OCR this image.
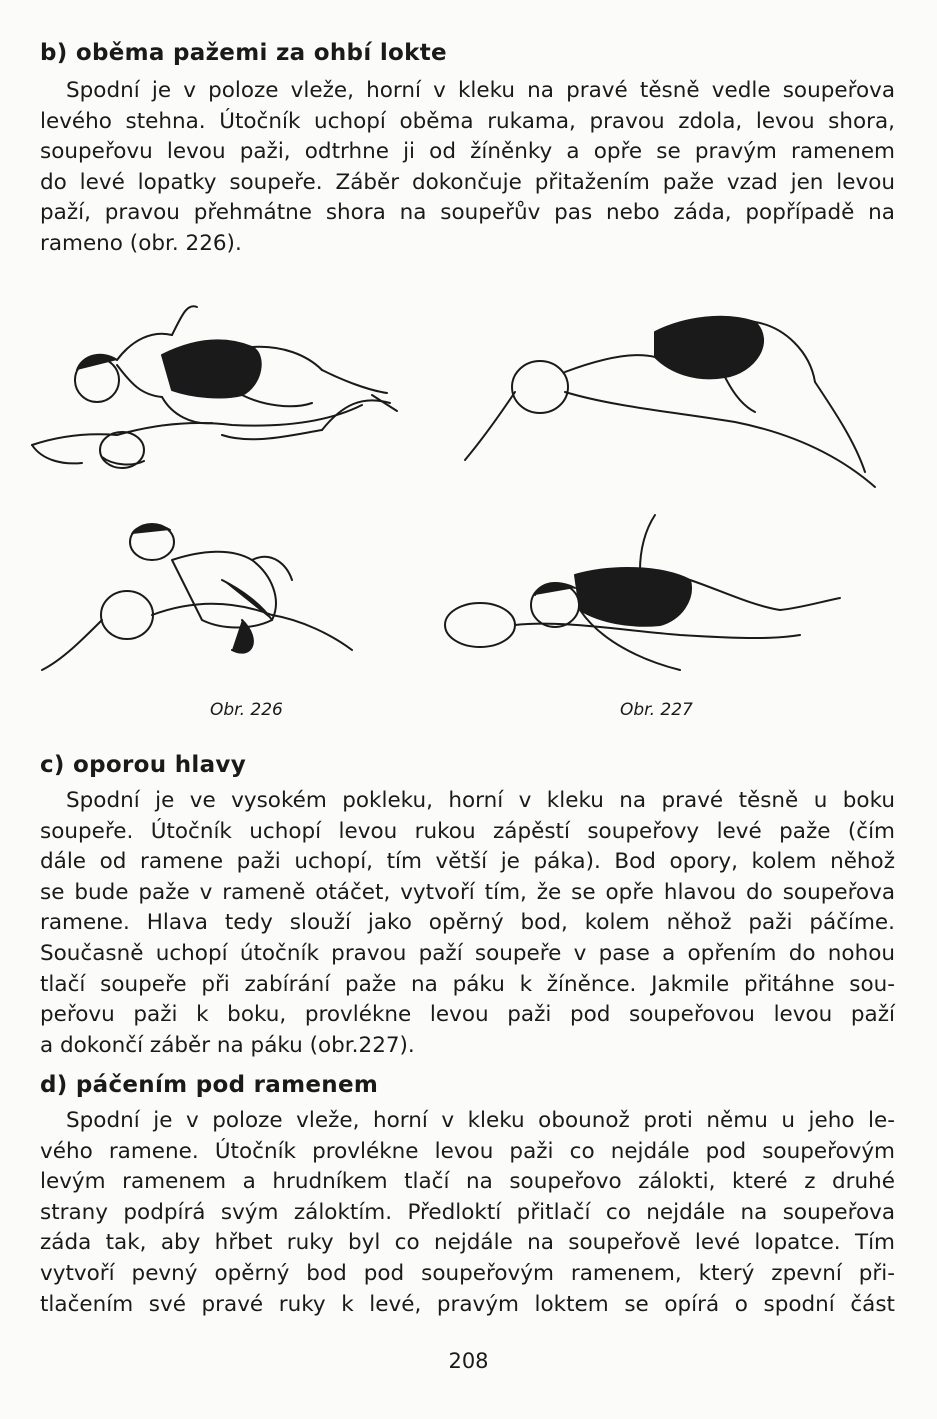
b) oběma pažemi za ohbí lokte
Spodní je v poloze vleže, horní v kleku na pravé těsně vedle soupeřova
levého stehna. Útočník uchopí oběma rukama, pravou zdola, levou shora,
soupeřovu levou paži, odtrhne ji od žíněnky a opře se pravým ramenem
do levé lopatky soupeře. Záběr dokončuje přitažením paže vzad jen levou
paží, pravou přehmátne shora na soupeřův pas nebo záda, popřípadě na
rameno (obr. 226).
Obr. 226	Obr. 227
c) oporou hlavy
Spodní je ve vysokém poklеku, horní v kleku na pravé těsně u boku
soupeře. Útočník uchopí levou rukou zápěstí soupeřovy levé paže (čím
dále od ramene paži uchopí, tím větší je páka). Bod opory, kolem něhož
se bude paže v rameně otáčet, vytvoří tím, že se opře hlavou do soupeřova
ramene. Hlava tedy slouží jako opěrný bod, kolem něhož paži páčíme.
Současně uchopí útočník pravou paží soupeře v pase a opřením do nohou
tlačí soupeře při zabírání paže na páku k žíněnce. Jakmile přitáhne sou-
peřovu paži k boku, provlékne levou paži pod soupeřovou levou paží
a dokončí záběr na páku (obr.227).
d) páčením pod ramenem
Spodní je v poloze vleže, horní v kleku obounož proti němu u jeho le-
vého ramene. Útočník provlékne levou paži co nejdále pod soupeřovým
levým ramenem a hrudníkem tlačí na soupeřovo zálokti, které z druhé
strany podpírá svým záloktím. Předloktí přitlačí co nejdále na soupeřova
záda tak, aby hřbet ruky byl co nejdále na soupeřově levé lopatce. Tím
vytvoří pevný opěrný bod pod soupeřovým ramenem, který zpevní při-
tlačením své pravé ruky k levé, pravým loktem se opírá o spodní část
208
